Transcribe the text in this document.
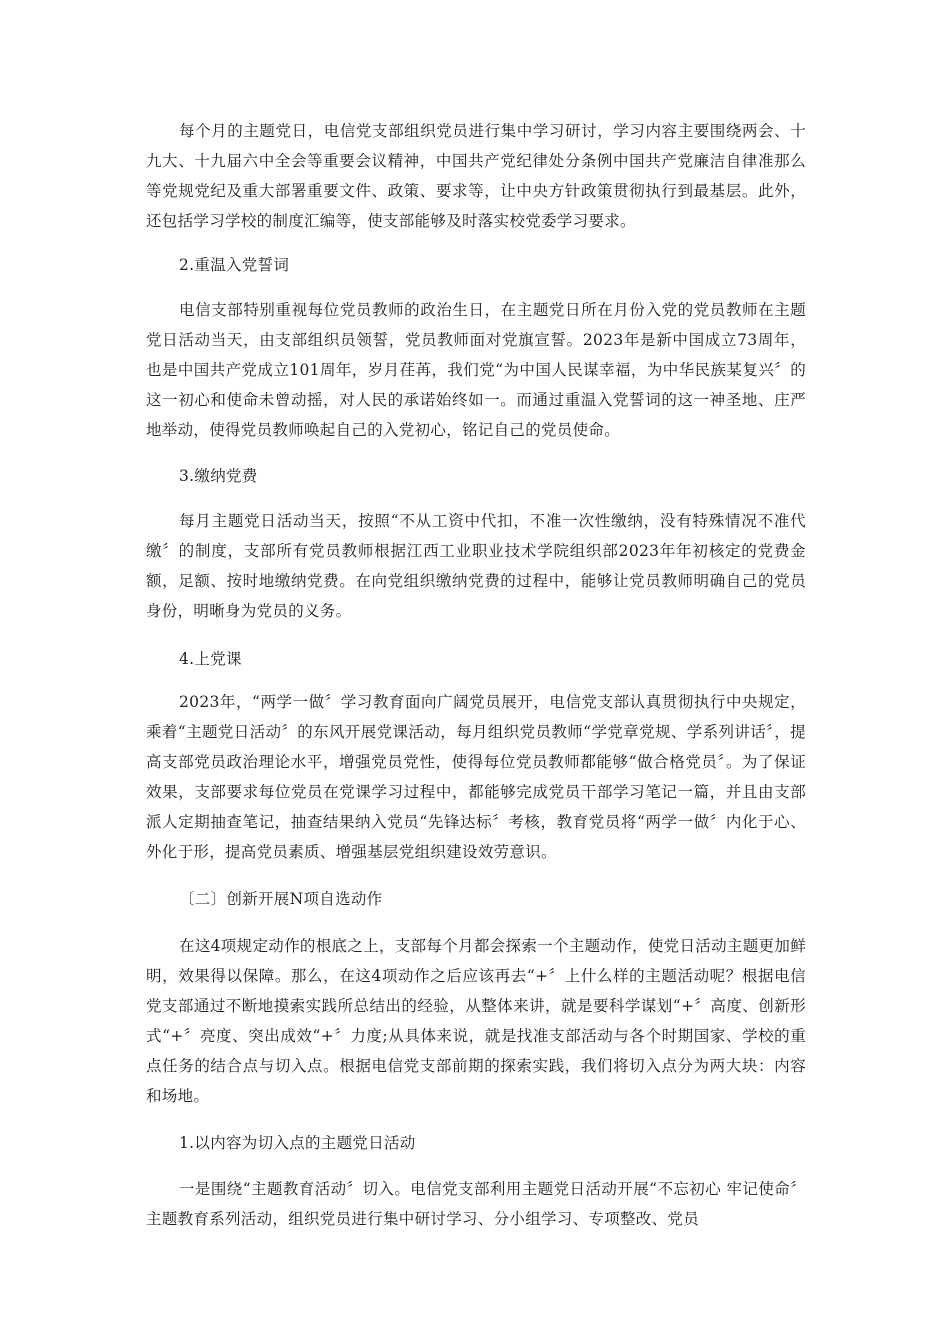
每个月的主题党日，电信党支部组织党员进行集中学习研讨，学习内容主要围绕两会、十九大、十九届六中全会等重要会议精神，中国共产党纪律处分条例中国共产党廉洁自律准那么等党规党纪及重大部署重要文件、政策、要求等，让中央方针政策贯彻执行到最基层。此外，还包括学习学校的制度汇编等，使支部能够及时落实校党委学习要求。

2.重温入党誓词

电信支部特别重视每位党员教师的政治生日，在主题党日所在月份入党的党员教师在主题党日活动当天，由支部组织员领誓，党员教师面对党旗宣誓。2023年是新中国成立73周年，也是中国共产党成立101周年，岁月荏苒，我们党“为中国人民谋幸福，为中华民族某复兴〞的这一初心和使命未曾动摇，对人民的承诺始终如一。而通过重温入党誓词的这一神圣地、庄严地举动，使得党员教师唤起自己的入党初心，铭记自己的党员使命。

3.缴纳党费

每月主题党日活动当天，按照“不从工资中代扣，不准一次性缴纳，没有特殊情况不准代缴〞的制度，支部所有党员教师根据江西工业职业技术学院组织部2023年年初核定的党费金额，足额、按时地缴纳党费。在向党组织缴纳党费的过程中，能够让党员教师明确自己的党员身份，明晰身为党员的义务。

4.上党课

2023年，“两学一做〞学习教育面向广阔党员展开，电信党支部认真贯彻执行中央规定，乘着“主题党日活动〞的东风开展党课活动，每月组织党员教师“学党章党规、学系列讲话〞，提高支部党员政治理论水平，增强党员党性，使得每位党员教师都能够“做合格党员〞。为了保证效果，支部要求每位党员在党课学习过程中，都能够完成党员干部学习笔记一篇，并且由支部派人定期抽查笔记，抽查结果纳入党员“先锋达标〞考核，教育党员将“两学一做〞内化于心、外化于形，提高党员素质、增强基层党组织建设效劳意识。

〔二〕创新开展N项自选动作

在这4项规定动作的根底之上，支部每个月都会探索一个主题动作，使党日活动主题更加鲜明，效果得以保障。那么，在这4项动作之后应该再去“+〞上什么样的主题活动呢？根据电信党支部通过不断地摸索实践所总结出的经验，从整体来讲，就是要科学谋划“+〞高度、创新形式“+〞亮度、突出成效“+〞力度;从具体来说，就是找准支部活动与各个时期国家、学校的重点任务的结合点与切入点。根据电信党支部前期的探索实践，我们将切入点分为两大块：内容和场地。

1.以内容为切入点的主题党日活动

一是围绕“主题教育活动〞切入。电信党支部利用主题党日活动开展“不忘初心 牢记使命〞主题教育系列活动，组织党员进行集中研讨学习、分小组学习、专项整改、党员
